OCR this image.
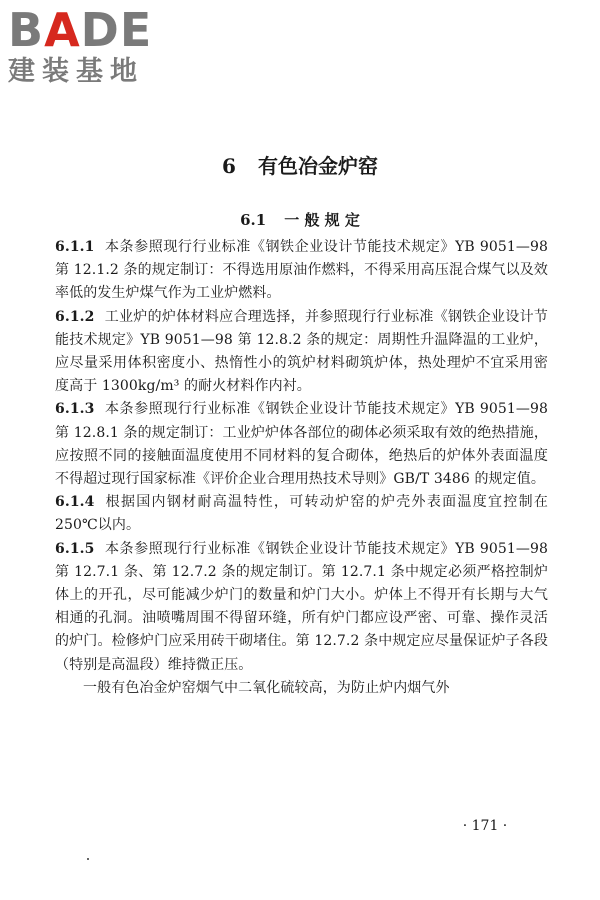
BADE
建装基地
6 有色冶金炉窑
6.1 一 般 规 定

6.1.1 本条参照现行行业标准《钢铁企业设计节能技术规定》YB 9051—98 第 12.1.2 条的规定制订：不得选用原油作燃料，不得采用高压混合煤气以及效率低的发生炉煤气作为工业炉燃料。

6.1.2 工业炉的炉体材料应合理选择，并参照现行行业标准《钢铁企业设计节能技术规定》YB 9051—98 第 12.8.2 条的规定：周期性升温降温的工业炉，应尽量采用体积密度小、热惰性小的筑炉材料砌筑炉体，热处理炉不宜采用密度高于 1300kg/m³ 的耐火材料作内衬。

6.1.3 本条参照现行行业标准《钢铁企业设计节能技术规定》YB 9051—98 第 12.8.1 条的规定制订：工业炉炉体各部位的砌体必须采取有效的绝热措施，应按照不同的接触面温度使用不同材料的复合砌体，绝热后的炉体外表面温度不得超过现行国家标准《评价企业合理用热技术导则》GB/T 3486 的规定值。

6.1.4 根据国内钢材耐高温特性，可转动炉窑的炉壳外表面温度宜控制在 250℃以内。

6.1.5 本条参照现行行业标准《钢铁企业设计节能技术规定》YB 9051—98 第 12.7.1 条、第 12.7.2 条的规定制订。第 12.7.1 条中规定必须严格控制炉体上的开孔，尽可能减少炉门的数量和炉门大小。炉体上不得开有长期与大气相通的孔洞。油喷嘴周围不得留环缝，所有炉门都应设严密、可靠、操作灵活的炉门。检修炉门应采用砖干砌堵住。第 12.7.2 条中规定应尽量保证炉子各段（特别是高温段）维持微正压。

一般有色冶金炉窑烟气中二氧化硫较高，为防止炉内烟气外

· 171 ·
